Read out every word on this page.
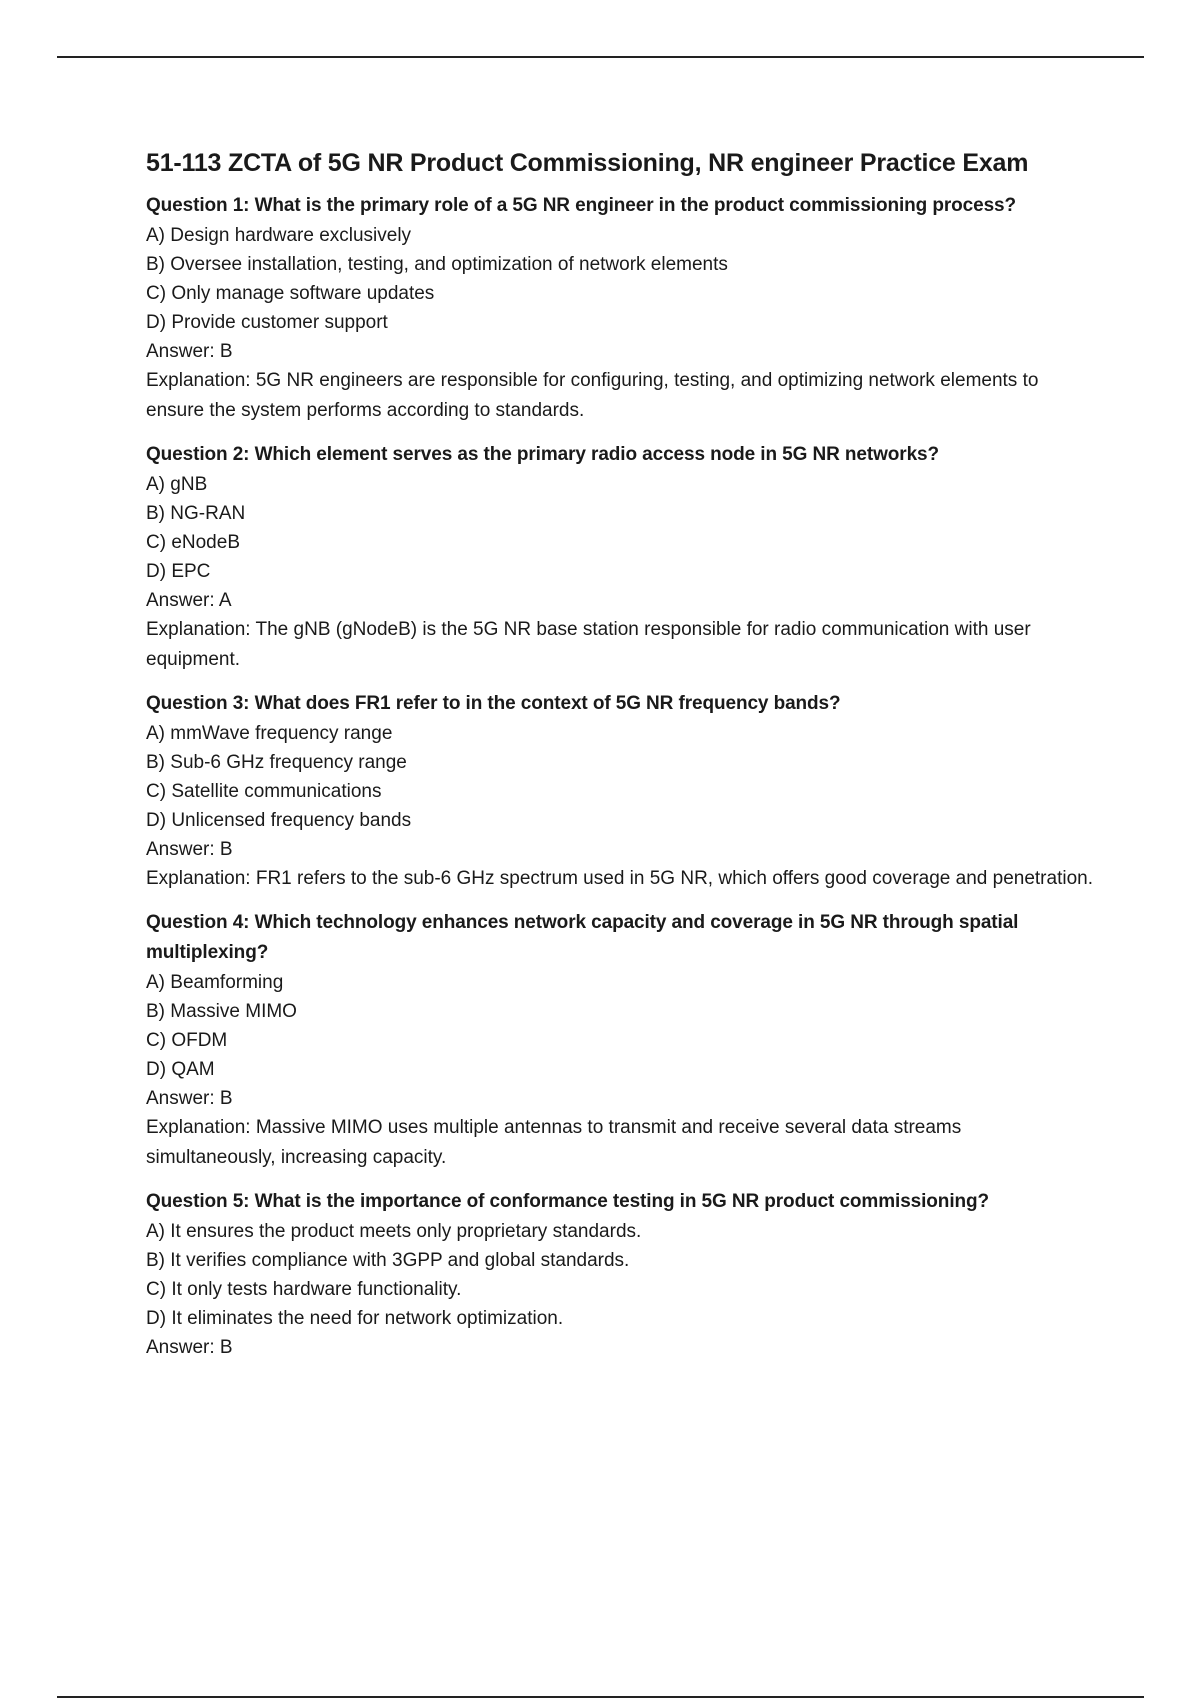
51-113 ZCTA of 5G NR Product Commissioning, NR engineer Practice Exam

Question 1: What is the primary role of a 5G NR engineer in the product commissioning process?

A) Design hardware exclusively

B) Oversee installation, testing, and optimization of network elements

C) Only manage software updates

D) Provide customer support

Answer: B

Explanation: 5G NR engineers are responsible for configuring, testing, and optimizing network elements to ensure the system performs according to standards.

Question 2: Which element serves as the primary radio access node in 5G NR networks?

A) gNB

B) NG-RAN

C) eNodeB

D) EPC

Answer: A

Explanation: The gNB (gNodeB) is the 5G NR base station responsible for radio communication with user equipment.

Question 3: What does FR1 refer to in the context of 5G NR frequency bands?

A) mmWave frequency range

B) Sub-6 GHz frequency range

C) Satellite communications

D) Unlicensed frequency bands

Answer: B

Explanation: FR1 refers to the sub-6 GHz spectrum used in 5G NR, which offers good coverage and penetration.

Question 4: Which technology enhances network capacity and coverage in 5G NR through spatial multiplexing?

A) Beamforming

B) Massive MIMO

C) OFDM

D) QAM

Answer: B

Explanation: Massive MIMO uses multiple antennas to transmit and receive several data streams simultaneously, increasing capacity.

Question 5: What is the importance of conformance testing in 5G NR product commissioning?

A) It ensures the product meets only proprietary standards.

B) It verifies compliance with 3GPP and global standards.

C) It only tests hardware functionality.

D) It eliminates the need for network optimization.

Answer: B
